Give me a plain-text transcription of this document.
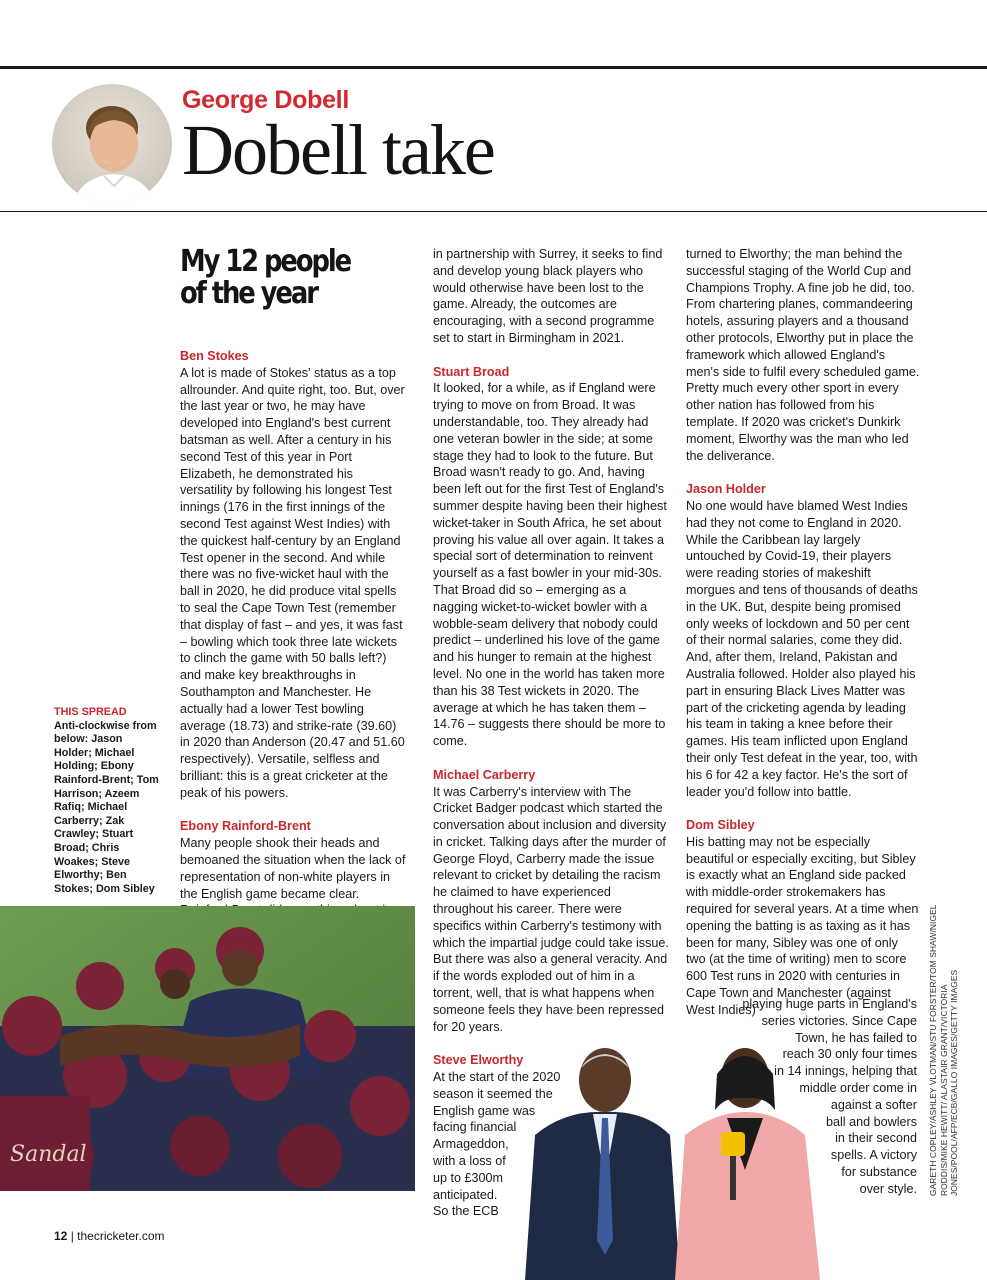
George Dobell
Dobell take
My 12 people
of the year
Ben Stokes

A lot is made of Stokes' status as a top allrounder. And quite right, too. But, over the last year or two, he may have developed into England's best current batsman as well. After a century in his second Test of this year in Port Elizabeth, he demonstrated his versatility by following his longest Test innings (176 in the first innings of the second Test against West Indies) with the quickest half-century by an England Test opener in the second. And while there was no five-wicket haul with the ball in 2020, he did produce vital spells to seal the Cape Town Test (remember that display of fast – and yes, it was fast – bowling which took three late wickets to clinch the game with 50 balls left?) and make key breakthroughs in Southampton and Manchester. He actually had a lower Test bowling average (18.73) and strike-rate (39.60) in 2020 than Anderson (20.47 and 51.60 respectively). Versatile, selfless and brilliant: this is a great cricketer at the peak of his powers.

Ebony Rainford-Brent

Many people shook their heads and bemoaned the situation when the lack of representation of non-white players in the English game became clear.

THIS SPREAD
Anti-clockwise from below: Jason Holder; Michael Holding; Ebony Rainford-Brent; Tom Harrison; Azeem Rafiq; Michael Carberry; Zak Crawley; Stuart Broad; Chris Woakes; Steve Elworthy; Ben Stokes; Dom Sibley
Sandal

in partnership with Surrey, it seeks to find and develop young black players who would otherwise have been lost to the game. Already, the outcomes are encouraging, with a second programme set to start in Birmingham in 2021.

Stuart Broad

It looked, for a while, as if England were trying to move on from Broad. It was understandable, too. They already had one veteran bowler in the side; at some stage they had to look to the future. But Broad wasn't ready to go. And, having been left out for the first Test of England's summer despite having been their highest wicket-taker in South Africa, he set about proving his value all over again. It takes a special sort of determination to reinvent yourself as a fast bowler in your mid-30s. That Broad did so – emerging as a nagging wicket-to-wicket bowler with a wobble-seam delivery that nobody could predict – underlined his love of the game and his hunger to remain at the highest level. No one in the world has taken more than his 38 Test wickets in 2020. The average at which he has taken them – 14.76 – suggests there should be more to come.

Michael Carberry

It was Carberry's interview with The Cricket Badger podcast which started the conversation about inclusion and diversity in cricket. Talking days after the murder of George Floyd, Carberry made the issue relevant to cricket by detailing the racism he claimed to have experienced throughout his career. There were specifics within Carberry's testimony with which the impartial judge could take issue. But there was also a general veracity. And if the words exploded out of him in a torrent, well, that is what happens when someone feels they have been repressed for 20 years.

Steve Elworthy
At the start of the 2020
season it seemed the
English game was
facing financial
Armageddon,
with a loss of
up to £300m
anticipated.
So the ECB

turned to Elworthy; the man behind the successful staging of the World Cup and Champions Trophy. A fine job he did, too. From chartering planes, commandeering hotels, assuring players and a thousand other protocols, Elworthy put in place the framework which allowed England's men's side to fulfil every scheduled game. Pretty much every other sport in every other nation has followed from his template. If 2020 was cricket's Dunkirk moment, Elworthy was the man who led the deliverance.

Jason Holder

No one would have blamed West Indies had they not come to England in 2020. While the Caribbean lay largely untouched by Covid-19, their players were reading stories of makeshift morgues and tens of thousands of deaths in the UK. But, despite being promised only weeks of lockdown and 50 per cent of their normal salaries, come they did. And, after them, Ireland, Pakistan and Australia followed. Holder also played his part in ensuring Black Lives Matter was part of the cricketing agenda by leading his team in taking a knee before their games. His team inflicted upon England their only Test defeat in the year, too, with his 6 for 42 a key factor. He's the sort of leader you'd follow into battle.

Dom Sibley

His batting may not be especially beautiful or especially exciting, but Sibley is exactly what an England side packed with middle-order strokemakers has required for several years. At a time when opening the batting is as taxing as it has been for many, Sibley was one of only two (at the time of writing) men to score 600 Test runs in 2020 with centuries in Cape Town and Manchester (against West Indies)

playing huge parts in England's
series victories. Since Cape
Town, he has failed to
reach 30 only four times
in 14 innings, helping that
middle order come in
against a softer
ball and bowlers
in their second
spells. A victory
for substance
over style. GARETH COPLEY/ASHLEY VLOTMAN/STU FORSTER/TOM SHAW/NIGEL RODDIS/MIKE HEWITT/ ALASTAIR GRANT/VICTORIA JONES/POOL/AFP/ECB/GALLO IMAGES/GETTY IMAGES
12 | thecricketer.com
